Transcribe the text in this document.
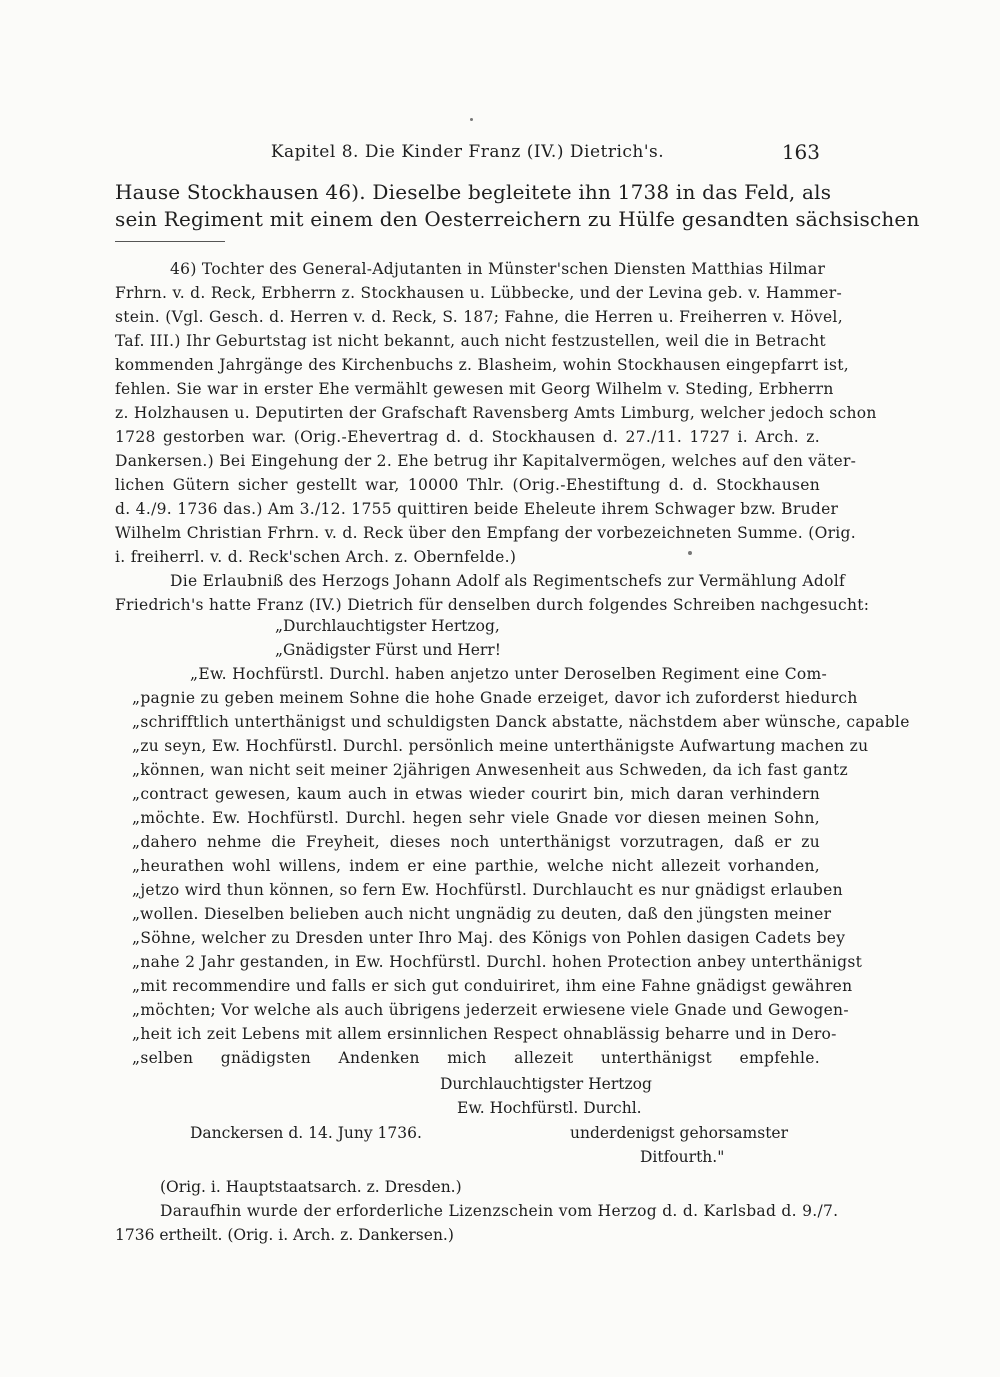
Kapitel 8. Die Kinder Franz (IV.) Dietrich's.	163
Hause Stockhausen 46). Dieselbe begleitete ihn 1738 in das Feld, als
sein Regiment mit einem den Oesterreichern zu Hülfe gesandten sächsischen
46) Tochter des General-Adjutanten in Münster'schen Diensten Matthias Hilmar
Frhrn. v. d. Reck, Erbherrn z. Stockhausen u. Lübbecke, und der Levina geb. v. Hammer-
stein. (Vgl. Gesch. d. Herren v. d. Reck, S. 187; Fahne, die Herren u. Freiherren v. Hövel,
Taf. III.) Ihr Geburtstag ist nicht bekannt, auch nicht festzustellen, weil die in Betracht
kommenden Jahrgänge des Kirchenbuchs z. Blasheim, wohin Stockhausen eingepfarrt ist,
fehlen. Sie war in erster Ehe vermählt gewesen mit Georg Wilhelm v. Steding, Erbherrn
z. Holzhausen u. Deputirten der Grafschaft Ravensberg Amts Limburg, welcher jedoch schon
1728 gestorben war. (Orig.-Ehevertrag d. d. Stockhausen d. 27./11. 1727 i. Arch. z.
Dankersen.) Bei Eingehung der 2. Ehe betrug ihr Kapitalvermögen, welches auf den väter-
lichen Gütern sicher gestellt war, 10000 Thlr. (Orig.-Ehestiftung d. d. Stockhausen
d. 4./9. 1736 das.) Am 3./12. 1755 quittiren beide Eheleute ihrem Schwager bzw. Bruder
Wilhelm Christian Frhrn. v. d. Reck über den Empfang der vorbezeichneten Summe. (Orig.
i. freiherrl. v. d. Reck'schen Arch. z. Obernfelde.)
Die Erlaubniß des Herzogs Johann Adolf als Regimentschefs zur Vermählung Adolf
Friedrich's hatte Franz (IV.) Dietrich für denselben durch folgendes Schreiben nachgesucht:
„Durchlauchtigster Hertzog,
„Gnädigster Fürst und Herr!
„Ew. Hochfürstl. Durchl. haben anjetzo unter Deroselben Regiment eine Com-
„pagnie zu geben meinem Sohne die hohe Gnade erzeiget, davor ich zuforderst hiedurch
„schrifftlich unterthänigst und schuldigsten Danck abstatte, nächstdem aber wünsche, capable
„zu seyn, Ew. Hochfürstl. Durchl. persönlich meine unterthänigste Aufwartung machen zu
„können, wan nicht seit meiner 2jährigen Anwesenheit aus Schweden, da ich fast gantz
„contract gewesen, kaum auch in etwas wieder courirt bin, mich daran verhindern
„möchte. Ew. Hochfürstl. Durchl. hegen sehr viele Gnade vor diesen meinen Sohn,
„dahero nehme die Freyheit, dieses noch unterthänigst vorzutragen, daß er zu
„heurathen wohl willens, indem er eine parthie, welche nicht allezeit vorhanden,
„jetzo wird thun können, so fern Ew. Hochfürstl. Durchlaucht es nur gnädigst erlauben
„wollen. Dieselben belieben auch nicht ungnädig zu deuten, daß den jüngsten meiner
„Söhne, welcher zu Dresden unter Ihro Maj. des Königs von Pohlen dasigen Cadets bey
„nahe 2 Jahr gestanden, in Ew. Hochfürstl. Durchl. hohen Protection anbey unterthänigst
„mit recommendire und falls er sich gut conduiriret, ihm eine Fahne gnädigst gewähren
„möchten; Vor welche als auch übrigens jederzeit erwiesene viele Gnade und Gewogen-
„heit ich zeit Lebens mit allem ersinnlichen Respect ohnablässig beharre und in Dero-
„selben gnädigsten Andenken mich allezeit unterthänigst empfehle.
Durchlauchtigster Hertzog
Ew. Hochfürstl. Durchl.
Danckersen d. 14. Juny 1736.	underdenigst gehorsamster
Ditfourth."
(Orig. i. Hauptstaatsarch. z. Dresden.)
Daraufhin wurde der erforderliche Lizenzschein vom Herzog d. d. Karlsbad d. 9./7.
1736 ertheilt. (Orig. i. Arch. z. Dankersen.)
